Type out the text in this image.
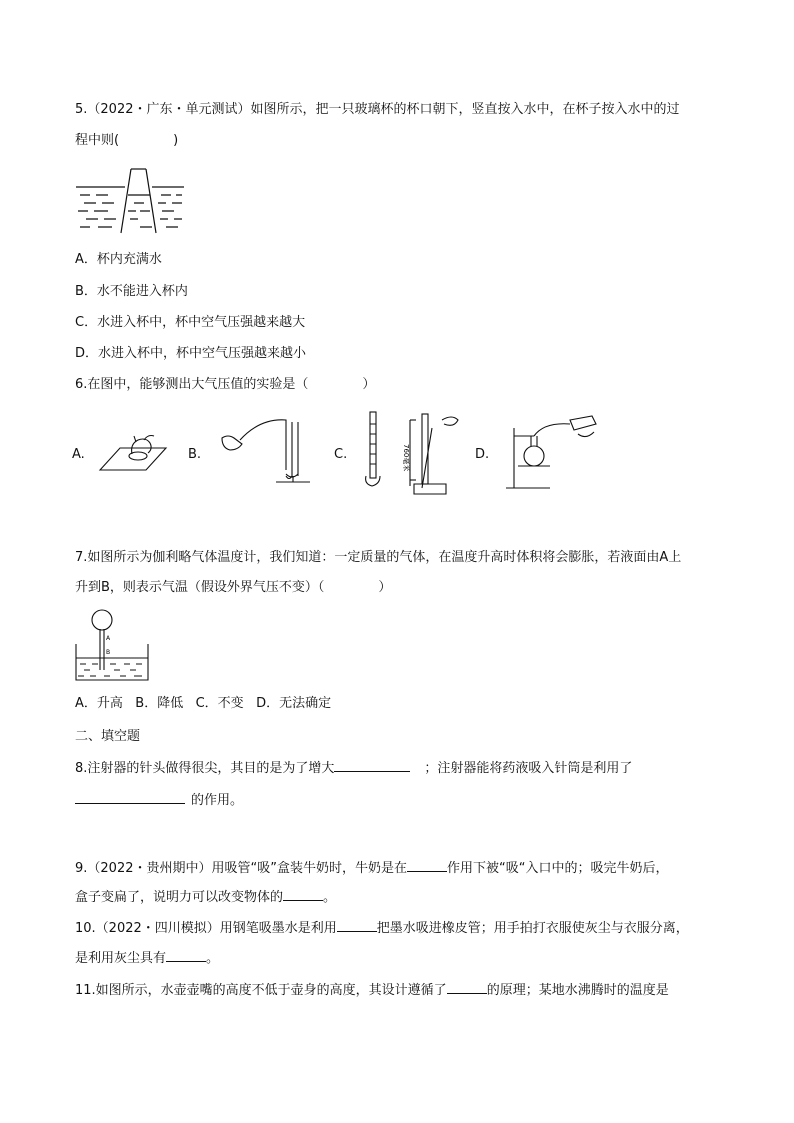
5.（2022・广东・单元测试）如图所示，把一只玻璃杯的杯口朝下，竖直按入水中，在杯子按入水中的过
程中则(	)
A．杯内充满水
B．水不能进入杯内
C．水进入杯中，杯中空气压强越来越大
D．水进入杯中，杯中空气压强越来越小
6.在图中，能够测出大气压值的实验是（	）
A.	B.	C.	760毫米	D.
7.如图所示为伽利略气体温度计，我们知道：一定质量的气体，在温度升高时体积将会膨胀，若液面由A上
升到B，则表示气温（假设外界气压不变）（	）
A
B
A．升高   B．降低   C．不变   D．无法确定
二、填空题
8.注射器的针头做得很尖，其目的是为了增大	；注射器能将药液吸入针筒是利用了
的作用。
9.（2022・贵州期中）用吸管“吸”盒装牛奶时，牛奶是在	作用下被“吸“入口中的；吸完牛奶后，
盒子变扁了，说明力可以改变物体的	。
10.（2022・四川模拟）用钢笔吸墨水是利用	把墨水吸进橡皮管；用手拍打衣服使灰尘与衣服分离，
是利用灰尘具有	。
11.如图所示，水壶壶嘴的高度不低于壶身的高度，其设计遵循了	的原理；某地水沸腾时的温度是
